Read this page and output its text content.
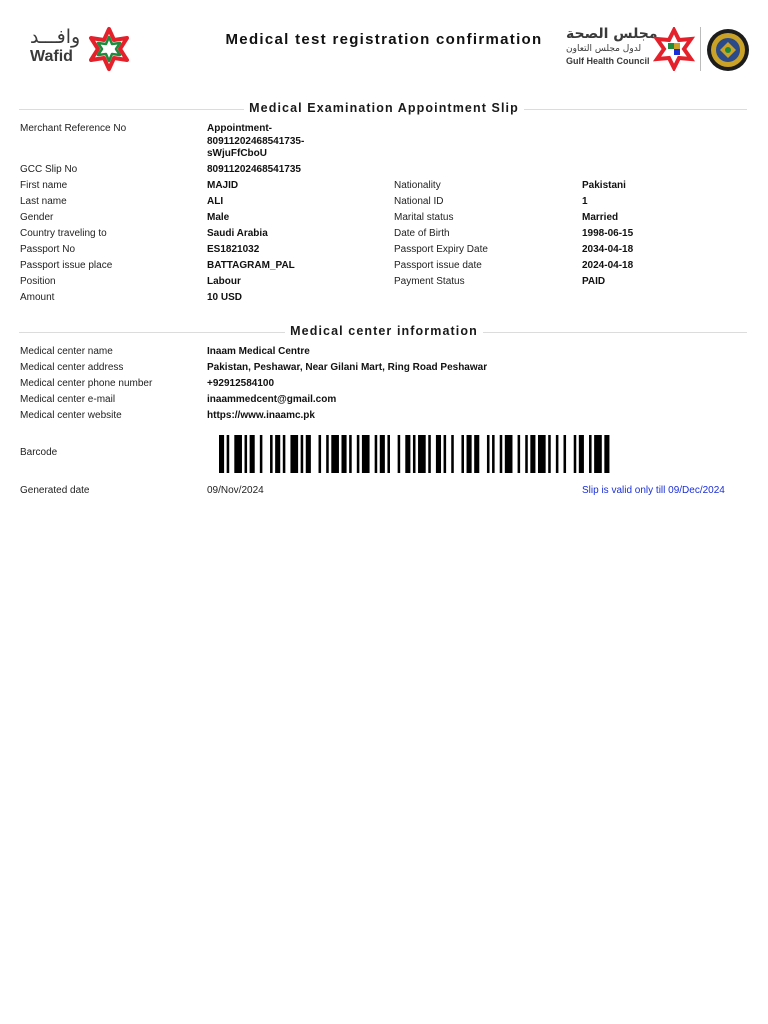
وافـــد
Wafid
Medical test registration confirmation	مجلس الصحة
لدول مجلس التعاون
Gulf Health Council
Medical Examination Appointment Slip
Merchant Reference No	Appointment-
80911202468541735-
sWjuFfCboU
GCC Slip No	80911202468541735
First name	MAJID	Nationality	Pakistani
Last name	ALI	National ID	1
Gender	Male	Marital status	Married
Country traveling to	Saudi Arabia	Date of Birth	1998-06-15
Passport No	ES1821032	Passport Expiry Date	2034-04-18
Passport issue place	BATTAGRAM_PAL	Passport issue date	2024-04-18
Position	Labour	Payment Status	PAID
Amount	10 USD
Medical center information
Medical center name	Inaam Medical Centre
Medical center address	Pakistan, Peshawar, Near Gilani Mart, Ring Road Peshawar
Medical center phone number	+92912584100
Medical center e-mail	inaammedcent@gmail.com
Medical center website	https://www.inaamc.pk
Barcode
Generated date	09/Nov/2024	Slip is valid only till 09/Dec/2024
